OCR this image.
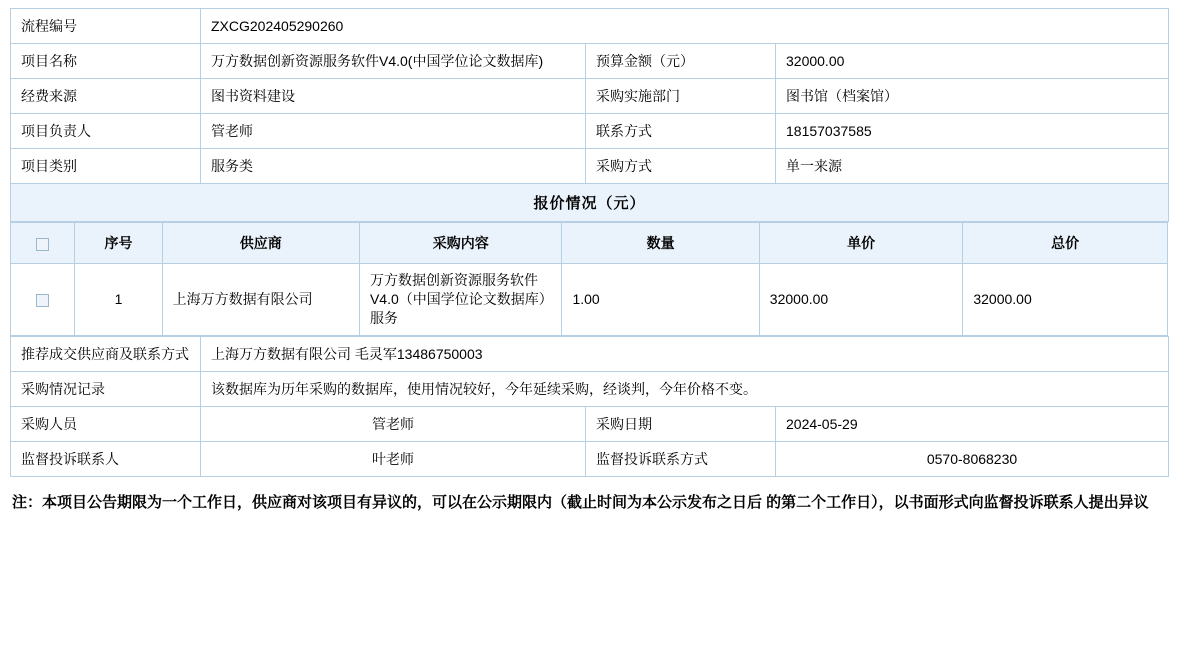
流程编号	ZXCG202405290260		
项目名称	万方数据创新资源服务软件V4.0(中国学位论文数据库)	预算金额（元）	32000.00
经费来源	图书资料建设	采购实施部门	图书馆（档案馆）
项目负责人	管老师	联系方式	18157037585
项目类别	服务类	采购方式	单一来源
报价情况（元）			
	序号	供应商	采购内容	数量	单价	总价
	1	上海万方数据有限公司	万方数据创新资源服务软件V4.0（中国学位论文数据库）服务	1.00	32000.00	32000.00
推荐成交供应商及联系方式	上海万方数据有限公司 毛灵军13486750003		
采购情况记录	该数据库为历年采购的数据库，使用情况较好，今年延续采购，经谈判，今年价格不变。		
采购人员	管老师	采购日期	2024-05-29
监督投诉联系人	叶老师	监督投诉联系方式	0570-8068230
注：本项目公告期限为一个工作日，供应商对该项目有异议的，可以在公示期限内（截止时间为本公示发布之日后 的第二个工作日），以书面形式向监督投诉联系人提出异议
